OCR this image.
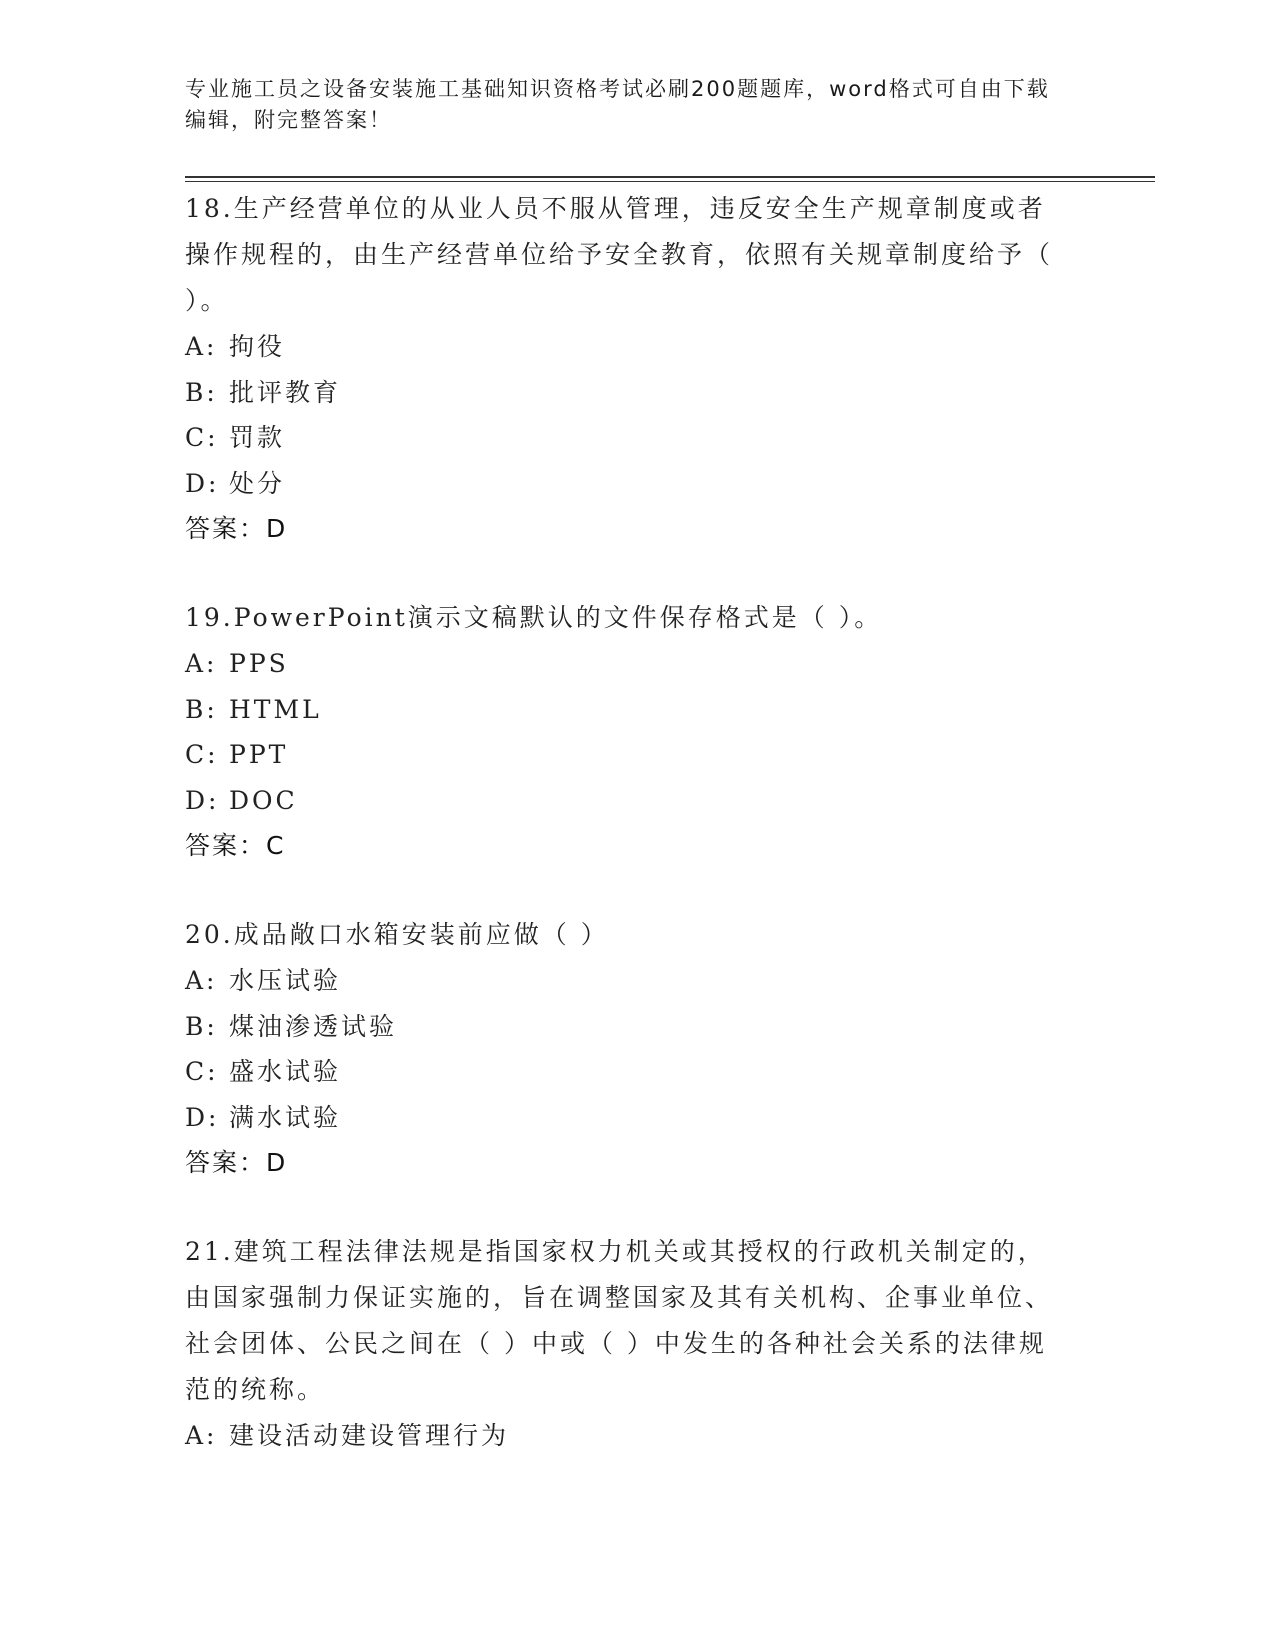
专业施工员之设备安装施工基础知识资格考试必刷200题题库，word格式可自由下载编辑，附完整答案！
18.生产经营单位的从业人员不服从管理，违反安全生产规章制度或者操作规程的，由生产经营单位给予安全教育，依照有关规章制度给予（ ）。
A: 拘役
B: 批评教育
C: 罚款
D: 处分
答案：D
19.PowerPoint演示文稿默认的文件保存格式是（ ）。
A: PPS
B: HTML
C: PPT
D: DOC
答案：C
20.成品敞口水箱安装前应做（ ）
A: 水压试验
B: 煤油渗透试验
C: 盛水试验
D: 满水试验
答案：D
21.建筑工程法律法规是指国家权力机关或其授权的行政机关制定的，由国家强制力保证实施的，旨在调整国家及其有关机构、企事业单位、社会团体、公民之间在（ ）中或（ ）中发生的各种社会关系的法律规范的统称。
A: 建设活动建设管理行为
